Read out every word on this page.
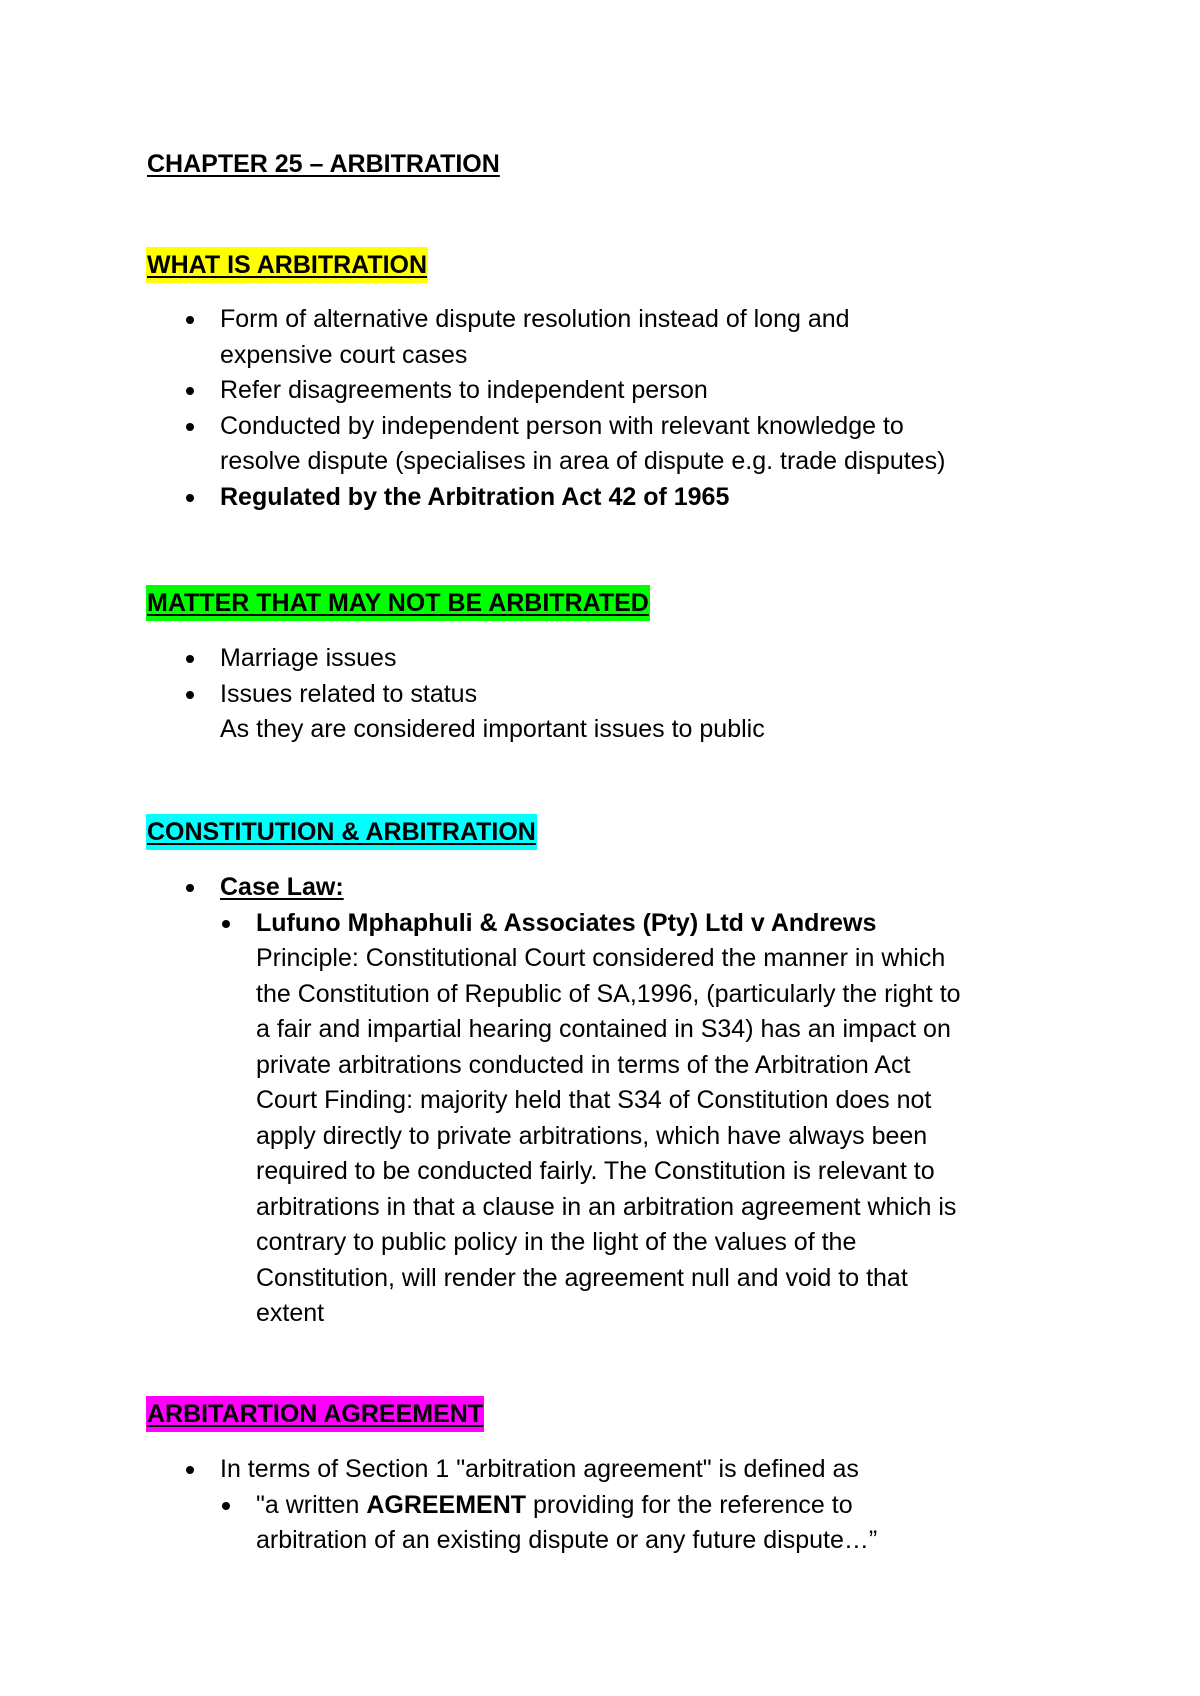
CHAPTER 25 – ARBITRATION
WHAT IS ARBITRATION
Form of alternative dispute resolution instead of long and
expensive court cases
Refer disagreements to independent person
Conducted by independent person with relevant knowledge to
resolve dispute (specialises in area of dispute e.g. trade disputes)
Regulated by the Arbitration Act 42 of 1965
MATTER THAT MAY NOT BE ARBITRATED
Marriage issues
Issues related to status
As they are considered important issues to public
CONSTITUTION & ARBITRATION
Case Law:
Lufuno Mphaphuli & Associates (Pty) Ltd v Andrews
Principle: Constitutional Court considered the manner in which
the Constitution of Republic of SA,1996, (particularly the right to
a fair and impartial hearing contained in S34) has an impact on
private arbitrations conducted in terms of the Arbitration Act
Court Finding: majority held that S34 of Constitution does not
apply directly to private arbitrations, which have always been
required to be conducted fairly. The Constitution is relevant to
arbitrations in that a clause in an arbitration agreement which is
contrary to public policy in the light of the values of the
Constitution, will render the agreement null and void to that
extent
ARBITARTION AGREEMENT
In terms of Section 1 "arbitration agreement" is defined as
"a written AGREEMENT providing for the reference to
arbitration of an existing dispute or any future dispute…”
